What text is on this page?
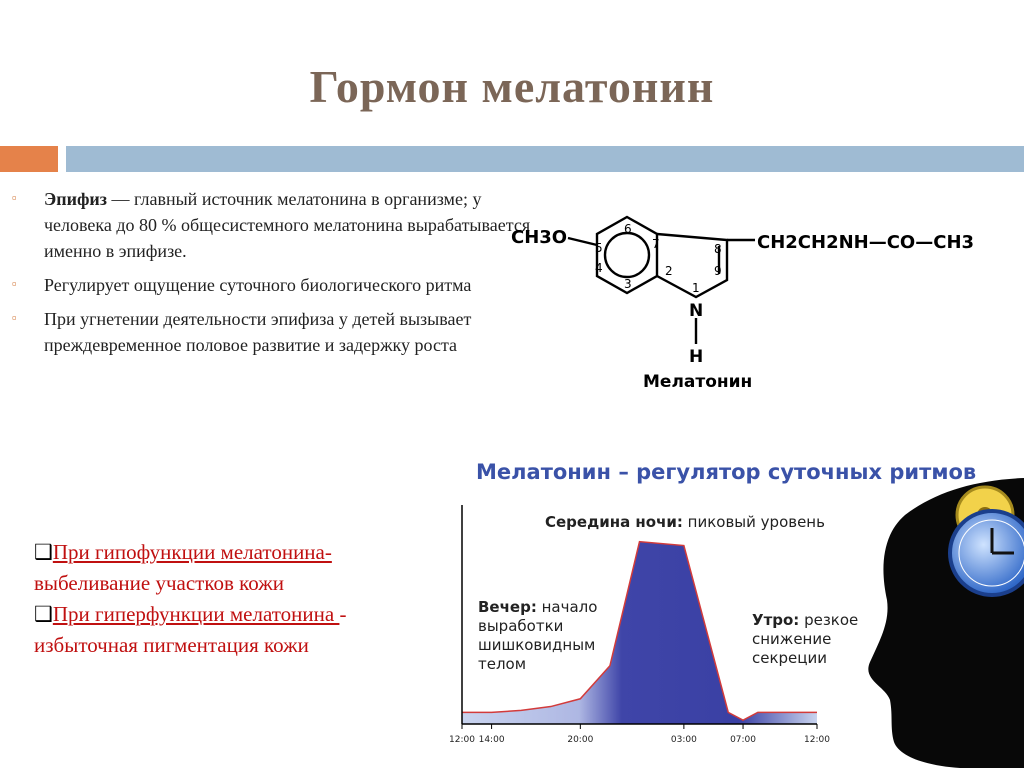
Гормон мелатонин
▫ Эпифиз — главный источник мелатонина в организме; у человека до 80 % общесистемного мелатонина вырабатывается именно в эпифизе.
▫ Регулирует ощущение суточного биологического ритма
▫ При угнетении деятельности эпифиза у детей вызывает преждевременное половое развитие и задержку роста

❑При гипофункции мелатонина-
выбеливание участков кожи

❑При гиперфункции мелатонина -
избыточная пигментация кожи

CH3O	CH2CH2NH—CO—CH3
6
5
4
3
7
2
8
9
1
N
H
Мелатонин
Мелатонин – регулятор суточных ритмов
12:00 14:00	20:00	03:00	07:00	12:00
Середина ночи: пиковый уровень
Вечер: начало выработки шишковидным телом
Утро: резкое снижение секреции
